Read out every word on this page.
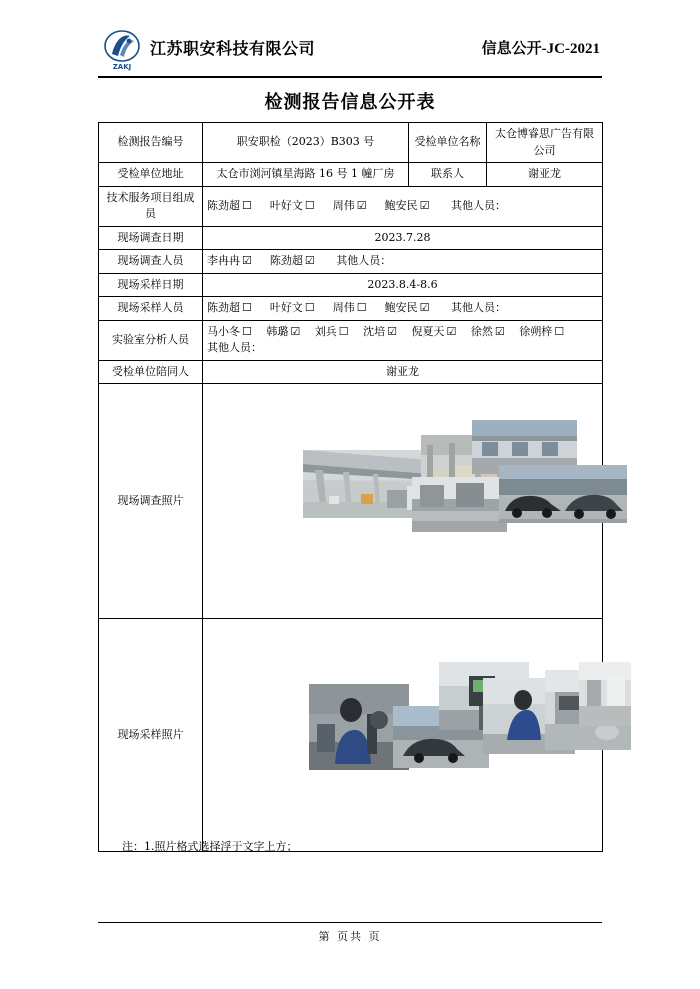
ZAKJ
江苏职安科技有限公司	信息公开-JC-2021
检测报告信息公开表
检测报告编号	职安职检（2023）B303 号	受检单位名称	太仓博睿思广告有限公司
受检单位地址	太仓市浏河镇星海路 16 号 1 幢厂房	联系人	谢亚龙
技术服务项目组成员	陈劲超 ☐ 叶好文 ☐ 周伟 ☑ 鲍安民 ☑ 其他人员：		
现场调查日期	2023.7.28		
现场调查人员	李冉冉 ☑ 陈劲超 ☑ 其他人员：		
现场采样日期	2023.8.4-8.6		
现场采样人员	陈劲超 ☐ 叶好文 ☐ 周伟 ☐ 鲍安民 ☑ 其他人员：		
实验室分析人员	马小冬 ☐ 韩璐 ☑ 刘兵 ☐ 沈培 ☑ 倪夏天 ☑ 徐然 ☑ 徐朔梓 ☐
其他人员：		

受检单位陪同人	谢亚龙		
现场调查照片	

现场采样照片	
注：1.照片格式选择浮于文字上方；
第 页共 页
